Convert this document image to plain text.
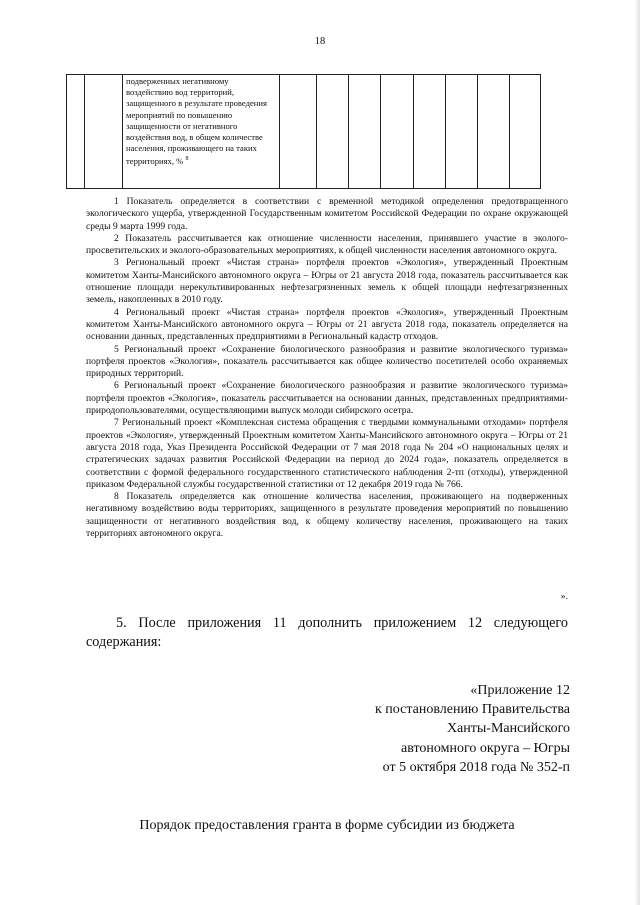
18
		подверженных негативному воздействию вод территорий, защищенного в результате проведения мероприятий по повышению защищенности от негативного воздействия вод, в общем количестве населения, проживающего на таких территориях, % $^8$								

1 Показатель определяется в соответствии с временной методикой определения предотвращенного экологического ущерба, утвержденной Государственным комитетом Российской Федерации по охране окружающей среды 9 марта 1999 года.

2 Показатель рассчитывается как отношение численности населения, принявшего участие в эколого-просветительских и эколого-образовательных мероприятиях, к общей численности населения автономного округа.

3 Региональный проект «Чистая страна» портфеля проектов «Экология», утвержденный Проектным комитетом Ханты-Мансийского автономного округа – Югры от 21 августа 2018 года, показатель рассчитывается как отношение площади нерекультивированных нефтезагрязненных земель к общей площади нефтезагрязненных земель, накопленных в 2010 году.

4 Региональный проект «Чистая страна» портфеля проектов «Экология», утвержденный Проектным комитетом Ханты-Мансийского автономного округа – Югры от 21 августа 2018 года, показатель определяется на основании данных, представленных предприятиями в Региональный кадастр отходов.

5 Региональный проект «Сохранение биологического разнообразия и развитие экологического туризма» портфеля проектов «Экология», показатель рассчитывается как общее количество посетителей особо охраняемых природных территорий.

6 Региональный проект «Сохранение биологического разнообразия и развитие экологического туризма» портфеля проектов «Экология», показатель рассчитывается на основании данных, представленных предприятиями-природопользователями, осуществляющими выпуск молоди сибирского осетра.

7 Региональный проект «Комплексная система обращения с твердыми коммунальными отходами» портфеля проектов «Экология», утвержденный Проектным комитетом Ханты-Мансийского автономного округа – Югры от 21 августа 2018 года, Указ Президента Российской Федерации от 7 мая 2018 года № 204 «О национальных целях и стратегических задачах развития Российской Федерации на период до 2024 года», показатель определяется в соответствии с формой федерального государственного статистического наблюдения 2-тп (отходы), утвержденной приказом Федеральной службы государственной статистики от 12 декабря 2019 года № 766.

8 Показатель определяется как отношение количества населения, проживающего на подверженных негативному воздействию воды территориях, защищенного в результате проведения мероприятий по повышению защищенности от негативного воздействия вод, к общему количеству населения, проживающего на таких территориях автономного округа.

».

5. После приложения 11 дополнить приложением 12 следующего содержания:

«Приложение 12
к постановлению Правительства
Ханты-Мансийского
автономного округа – Югры
от 5 октября 2018 года № 352-п
Порядок предоставления гранта в форме субсидии из бюджета
